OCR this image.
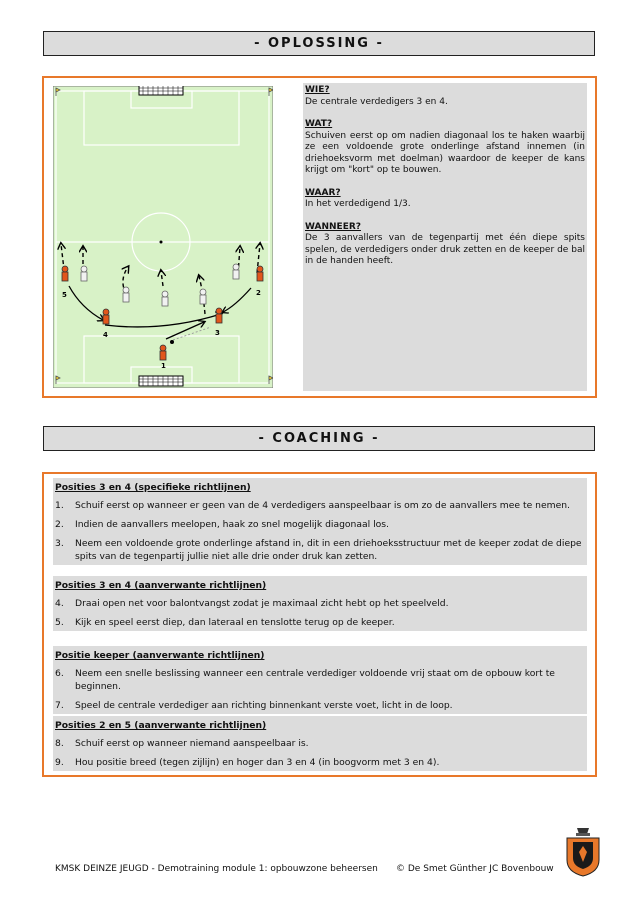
- OPLOSSING -
1
2
3
4
5
WIE?
De centrale verdedigers 3 en 4.
WAT?
Schuiven eerst op om nadien diagonaal los te haken waarbij ze een voldoende grote onderlinge afstand innemen (in driehoeksvorm met doelman) waardoor de keeper de kans krijgt om "kort" op te bouwen.
WAAR?
In het verdedigend 1/3.
WANNEER?
De 3 aanvallers van de tegenpartij met één diepe spits spelen, de verdedigers onder druk zetten en de keeper de bal in de handen heeft.
- COACHING -
Posities 3 en 4 (specifieke richtlijnen)
1.	Schuif eerst op wanneer er geen van de 4 verdedigers aanspeelbaar is om zo de aanvallers mee te nemen.
2.	Indien de aanvallers meelopen, haak zo snel mogelijk diagonaal los.
3.	Neem een voldoende grote onderlinge afstand in, dit in een driehoeksstructuur met de keeper zodat de diepe spits van de tegenpartij jullie niet alle drie onder druk kan zetten.
Posities 3 en 4 (aanverwante richtlijnen)
4.	Draai open net voor balontvangst zodat je maximaal zicht hebt op het speelveld.
5.	Kijk en speel eerst diep, dan lateraal en tenslotte terug op de keeper.
Positie keeper (aanverwante richtlijnen)
6.	Neem een snelle beslissing wanneer een centrale verdediger voldoende vrij staat om de opbouw kort te beginnen.
7.	Speel de centrale verdediger aan richting binnenkant verste voet, licht in de loop.
Posities 2 en 5 (aanverwante richtlijnen)
8.	Schuif eerst op wanneer niemand aanspeelbaar is.
9.	Hou positie breed (tegen zijlijn) en hoger dan 3 en 4 (in boogvorm met 3 en 4).
KMSK DEINZE JEUGD - Demotraining module 1: opbouwzone beheersen © De Smet Günther JC Bovenbouw
